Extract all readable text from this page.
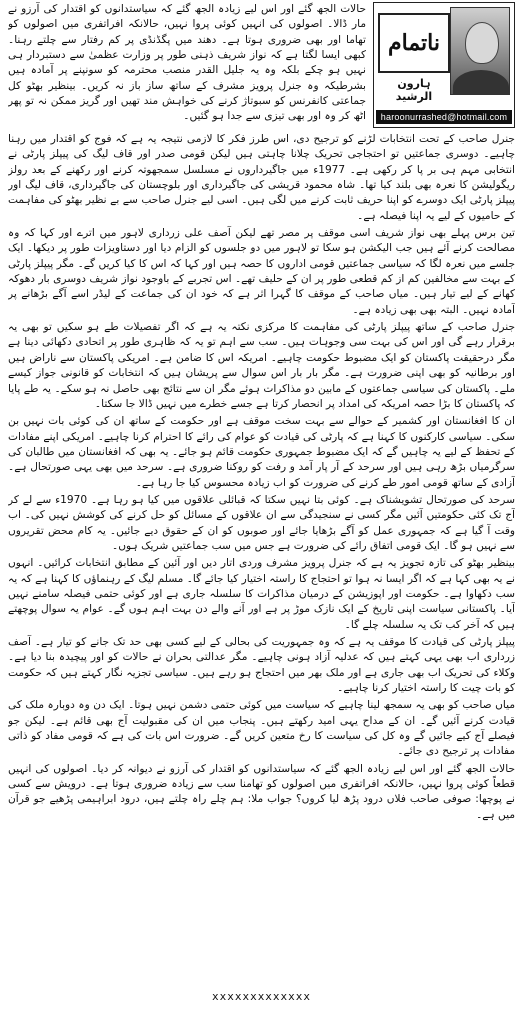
ناتمام
ہارون الرشید
haroonurrashed@hotmail.com

حالات الجھ گئے اور اس لیے زیادہ الجھ گئے کہ سیاستدانوں کو اقتدار کی آرزو نے مار ڈالا۔ اصولوں کی انہیں کوئی پروا نہیں، حالانکہ افراتفری میں اصولوں کو تھاما اور بھی ضروری ہوتا ہے۔ دھند میں پگڈنڈی پر کم رفتار سے چلتے رہنا۔ کبھی ایسا لگتا ہے کہ نواز شریف ذہنی طور پر وزارت عظمیٰ سے دستبردار ہی نہیں ہو چکے بلکہ وہ یہ جلیل القدر منصب محترمہ کو سونپنے پر آمادہ ہیں بشرطیکہ وہ جنرل پرویز مشرف کے ساتھ ساز باز نہ کریں۔ بینظیر بھٹو کل جماعتی کانفرنس کو سبوتاژ کرنے کی خواہش مند تھیں اور گریز ممکن نہ تو پھر اٹھ کر وہ اور بھی تیزی سے جدا ہو گئیں۔

جنرل صاحب کے تحت انتخابات لڑنے کو ترجیح دی، اس طرز فکر کا لازمی نتیجہ یہ ہے کہ فوج کو اقتدار میں رہنا چاہیے۔ دوسری جماعتیں تو احتجاجی تحریک چلانا چاہتی ہیں لیکن قومی صدر اور قاف لیگ کی پیپلز پارٹی نے انتخابی مہم ہی بر پا کر رکھی ہے۔ 1977ء میں جاگیرداروں نے مسلسل سمجھوتہ کرنے اور رکھنے کے بعد رولز ریگولیشن کا نعرہ بھی بلند کیا تھا۔ شاہ محمود قریشی کی جاگیرداری اور بلوچستان کی جاگیرداری، قاف لیگ اور پیپلز پارٹی ایک دوسرے کو اپنا حریف ثابت کرنے میں لگی ہیں۔ اسی لیے جنرل صاحب سے بے نظیر بھٹو کی مفاہمت کے حامیوں کے لیے یہ اپنا فیصلہ ہے۔

تین برس پہلے بھی نواز شریف اسی موقف پر مصر تھے لیکن آصف علی زرداری لاہور میں اترے اور کہا کہ وہ مصالحت کرنے آئے ہیں جب الیکشن ہو سکا تو لاہور میں دو جلسوں کو الزام دیا اور دستاویزات طور پر دیکھا۔ ایک جلسے میں نعرہ لگا کہ سیاسی جماعتیں قومی اداروں کا حصہ ہیں اور کہا کہ اس کا کیا کریں گے۔ مگر پیپلز پارٹی کے بہت سے مخالفین کم از کم قطعی طور پر ان کے حلیف تھے۔ اس تجربے کے باوجود نواز شریف دوسری بار دھوکہ کھانے کے لیے تیار ہیں۔ میاں صاحب کے موقف کا گہرا اثر ہے کہ خود ان کی جماعت کے لیڈر اسے آگے بڑھانے پر آمادہ نہیں۔ البتہ بھی بھی زیادہ ہے۔

جنرل صاحب کے ساتھ پیپلز پارٹی کی مفاہمت کا مرکزی نکتہ یہ ہے کہ اگر تفصیلات طے ہو سکیں تو بھی یہ برقرار رہے گی اور اس کی بہت سی وجوہات ہیں۔ سب سے اہم تو یہ کہ ظاہری طور پر اتحادی دکھائی دینا ہے مگر درحقیقت پاکستان کو ایک مضبوط حکومت چاہیے۔ امریکہ اس کا ضامن ہے۔ امریکی پاکستان سے ناراض ہیں اور برطانیہ کو بھی اپنی ضرورت ہے۔ مگر بار بار اس سوال سے پریشان ہیں کہ انتخابات کو قانونی جواز کیسے ملے۔ پاکستان کی سیاسی جماعتوں کے مابین دو مذاکرات ہوئے مگر ان سے نتائج بھی حاصل نہ ہو سکے۔ یہ طے پایا کہ پاکستان کا بڑا حصہ امریکہ کی امداد پر انحصار کرتا ہے جسے خطرے میں نہیں ڈالا جا سکتا۔

ان کا افغانستان اور کشمیر کے حوالے سے بہت سخت موقف ہے اور حکومت کے ساتھ ان کی کوئی بات نہیں بن سکی۔ سیاسی کارکنوں کا کہنا ہے کہ پارٹی کی قیادت کو عوام کی رائے کا احترام کرنا چاہیے۔ امریکی اپنے مفادات کے تحفظ کے لیے یہ چاہیں گے کہ ایک مضبوط جمہوری حکومت قائم ہو جائے۔ یہ بھی کہ افغانستان میں طالبان کی سرگرمیاں بڑھ رہی ہیں اور سرحد کے آر پار آمد و رفت کو روکنا ضروری ہے۔ سرحد میں بھی یہی صورتحال ہے۔ آزادی کے ساتھ قومی امور طے کرنے کی ضرورت کو اب زیادہ محسوس کیا جا رہا ہے۔

سرحد کی صورتحال تشویشناک ہے۔ کوئی بتا نہیں سکتا کہ قبائلی علاقوں میں کیا ہو رہا ہے۔ 1970ء سے لے کر آج تک کئی حکومتیں آئیں مگر کسی نے سنجیدگی سے ان علاقوں کے مسائل کو حل کرنے کی کوشش نہیں کی۔ اب وقت آ گیا ہے کہ جمہوری عمل کو آگے بڑھایا جائے اور صوبوں کو ان کے حقوق دیے جائیں۔ یہ کام محض تقریروں سے نہیں ہو گا۔ ایک قومی اتفاق رائے کی ضرورت ہے جس میں سب جماعتیں شریک ہوں۔

بینظیر بھٹو کی تازہ تجویز یہ ہے کہ جنرل پرویز مشرف وردی اتار دیں اور آئین کے مطابق انتخابات کرائیں۔ انہوں نے یہ بھی کہا ہے کہ اگر ایسا نہ ہوا تو احتجاج کا راستہ اختیار کیا جائے گا۔ مسلم لیگ کے رہنماؤں کا کہنا ہے کہ یہ سب دکھاوا ہے۔ حکومت اور اپوزیشن کے درمیان مذاکرات کا سلسلہ جاری ہے اور کوئی حتمی فیصلہ سامنے نہیں آیا۔ پاکستانی سیاست اپنی تاریخ کے ایک نازک موڑ پر ہے اور آنے والے دن بہت اہم ہوں گے۔ عوام یہ سوال پوچھتے ہیں کہ آخر کب تک یہ سلسلہ چلے گا۔

پیپلز پارٹی کی قیادت کا موقف یہ ہے کہ وہ جمہوریت کی بحالی کے لیے کسی بھی حد تک جانے کو تیار ہے۔ آصف زرداری اب بھی یہی کہتے ہیں کہ عدلیہ آزاد ہونی چاہیے۔ مگر عدالتی بحران نے حالات کو اور پیچیدہ بنا دیا ہے۔ وکلاء کی تحریک اب بھی جاری ہے اور ملک بھر میں احتجاج ہو رہے ہیں۔ سیاسی تجزیہ نگار کہتے ہیں کہ حکومت کو بات چیت کا راستہ اختیار کرنا چاہیے۔

میاں صاحب کو بھی یہ سمجھ لینا چاہیے کہ سیاست میں کوئی حتمی دشمن نہیں ہوتا۔ ایک دن وہ دوبارہ ملک کی قیادت کرنے آئیں گے۔ ان کے مداح یہی امید رکھتے ہیں۔ پنجاب میں ان کی مقبولیت آج بھی قائم ہے۔ لیکن جو فیصلے آج کیے جائیں گے وہ کل کی سیاست کا رخ متعین کریں گے۔ ضرورت اس بات کی ہے کہ قومی مفاد کو ذاتی مفادات پر ترجیح دی جائے۔

حالات الجھ گئے اور اس لیے زیادہ الجھ گئے کہ سیاستدانوں کو اقتدار کی آرزو نے دیوانہ کر دیا۔ اصولوں کی انہیں قطعاً کوئی پروا نہیں، حالانکہ افراتفری میں اصولوں کو تھامنا سب سے زیادہ ضروری ہوتا ہے۔ درویش سے کسی نے پوچھا: صوفی صاحب فلاں درود پڑھ لیا کروں؟ جواب ملا: ہم چلے راہ چلتے ہیں، درود ابراہیمی پڑھیے جو قرآن میں ہے۔

xxxxxxxxxxxxx
